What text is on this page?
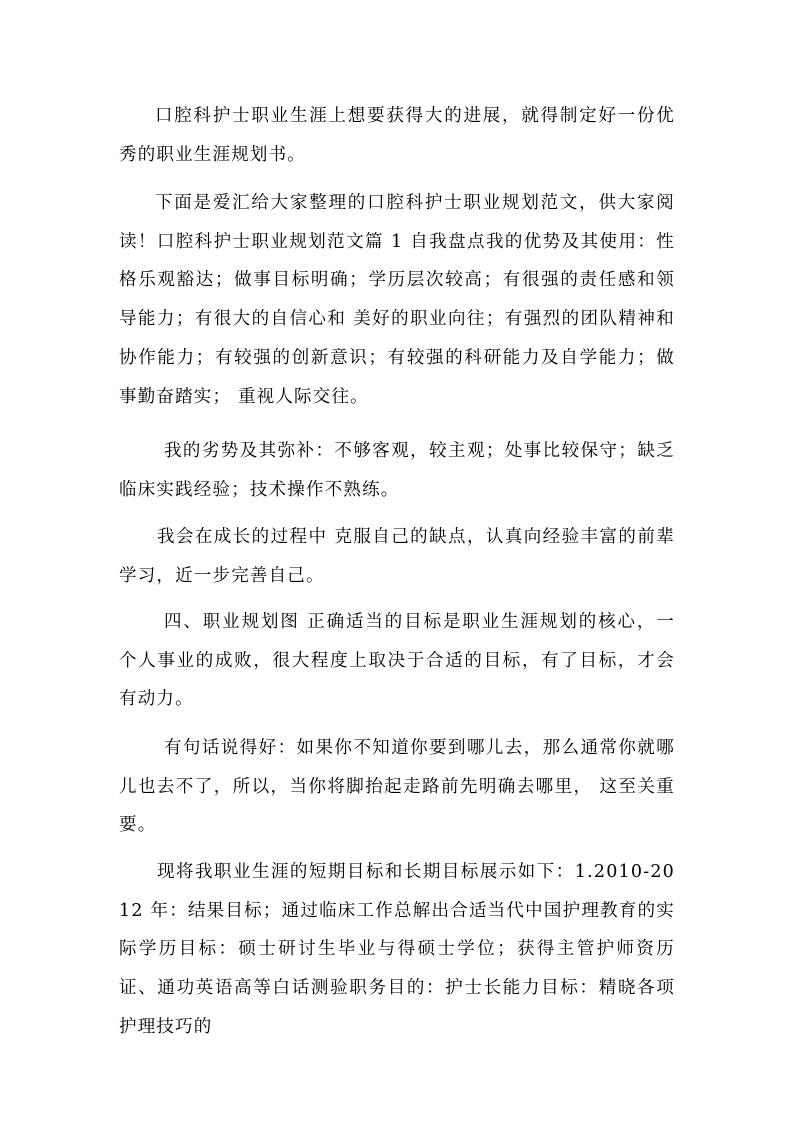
口腔科护士职业生涯上想要获得大的进展，就得制定好一份优秀的职业生涯规划书。

下面是爱汇给大家整理的口腔科护士职业规划范文，供大家阅读！口腔科护士职业规划范文篇 1 自我盘点我的优势及其使用：性格乐观豁达；做事目标明确；学历层次较高；有很强的责任感和领导能力；有很大的自信心和 美好的职业向往；有强烈的团队精神和协作能力；有较强的创新意识；有较强的科研能力及自学能力；做事勤奋踏实； 重视人际交往。

我的劣势及其弥补：不够客观，较主观；处事比较保守；缺乏临床实践经验；技术操作不熟练。

我会在成长的过程中 克服自己的缺点，认真向经验丰富的前辈学习，近一步完善自己。

四、职业规划图 正确适当的目标是职业生涯规划的核心，一个人事业的成败，很大程度上取决于合适的目标，有了目标，才会有动力。

有句话说得好：如果你不知道你要到哪儿去，那么通常你就哪儿也去不了，所以，当你将脚抬起走路前先明确去哪里， 这至关重要。

现将我职业生涯的短期目标和长期目标展示如下：1.2010-2012 年：结果目标；通过临床工作总解出合适当代中国护理教育的实际学历目标：硕士研讨生毕业与得硕士学位；获得主管护师资历证、通功英语高等白话测验职务目的：护士长能力目标：精晓各项护理技巧的
